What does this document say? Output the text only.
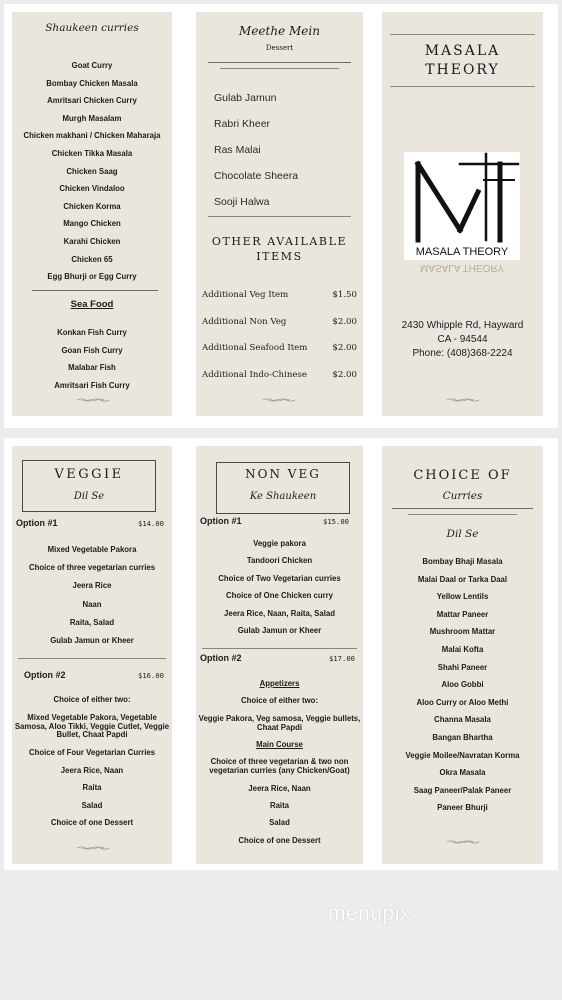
Shaukeen curries
Goat Curry
Bombay Chicken Masala
Amritsari Chicken Curry
Murgh Masalam
Chicken makhani / Chicken Maharaja
Chicken Tikka Masala
Chicken Saag
Chicken Vindaloo
Chicken Korma
Mango Chicken
Karahi Chicken
Chicken 65
Egg Bhurji or Egg Curry
Sea Food
Konkan Fish Curry
Goan Fish Curry
Malabar Fish
Amritsari Fish Curry
Meethe Mein
Dessert
Gulab Jamun
Rabri Kheer
Ras Malai
Chocolate Sheera
Sooji Halwa
OTHER AVAILABLE
ITEMS
Additional Veg Item	$1.50
Additional Non Veg	$2.00
Additional Seafood Item	$2.00
Additional Indo-Chinese	$2.00
MASALA
THEORY
MASALA THEORY
MASALA THEORY
2430 Whipple Rd, Hayward
CA - 94544
Phone: (408)368-2224
VEGGIE
Dil Se
Option #1	$14.00
Mixed Vegetable Pakora
Choice of three vegetarian curries
Jeera Rice
Naan
Raita, Salad
Gulab Jamun or Kheer
Option #2	$16.00
Choice of either two:
Mixed Vegetable Pakora, Vegetable Samosa, Aloo Tikki, Veggie Cutlet, Veggie Bullet, Chaat Papdi
Choice of Four Vegetarian Curries
Jeera Rice, Naan
Raita
Salad
Choice of one Dessert
NON VEG
Ke Shaukeen
Option #1	$15.00
Veggie pakora
Tandoori Chicken
Choice of Two Vegetarian curries
Choice of One Chicken curry
Jeera Rice, Naan, Raita, Salad
Gulab Jamun or Kheer
Option #2	$17.00
Appetizers
Choice of either two:
Veggie Pakora, Veg samosa, Veggie bullets, Chaat Papdi
Main Course
Choice of three vegetarian & two non vegetarian curries (any Chicken/Goat)
Jeera Rice, Naan
Raita
Salad
Choice of one Dessert
CHOICE OF
Curries
Dil Se
Bombay Bhaji Masala
Malai Daal or Tarka Daal
Yellow Lentils
Mattar Paneer
Mushroom Mattar
Malai Kofta
Shahi Paneer
Aloo Gobbi
Aloo Curry or Aloo Methi
Channa Masala
Bangan Bhartha
Veggie Moilee/Navratan Korma
Okra Masala
Saag Paneer/Palak Paneer
Paneer Bhurji
menupix
